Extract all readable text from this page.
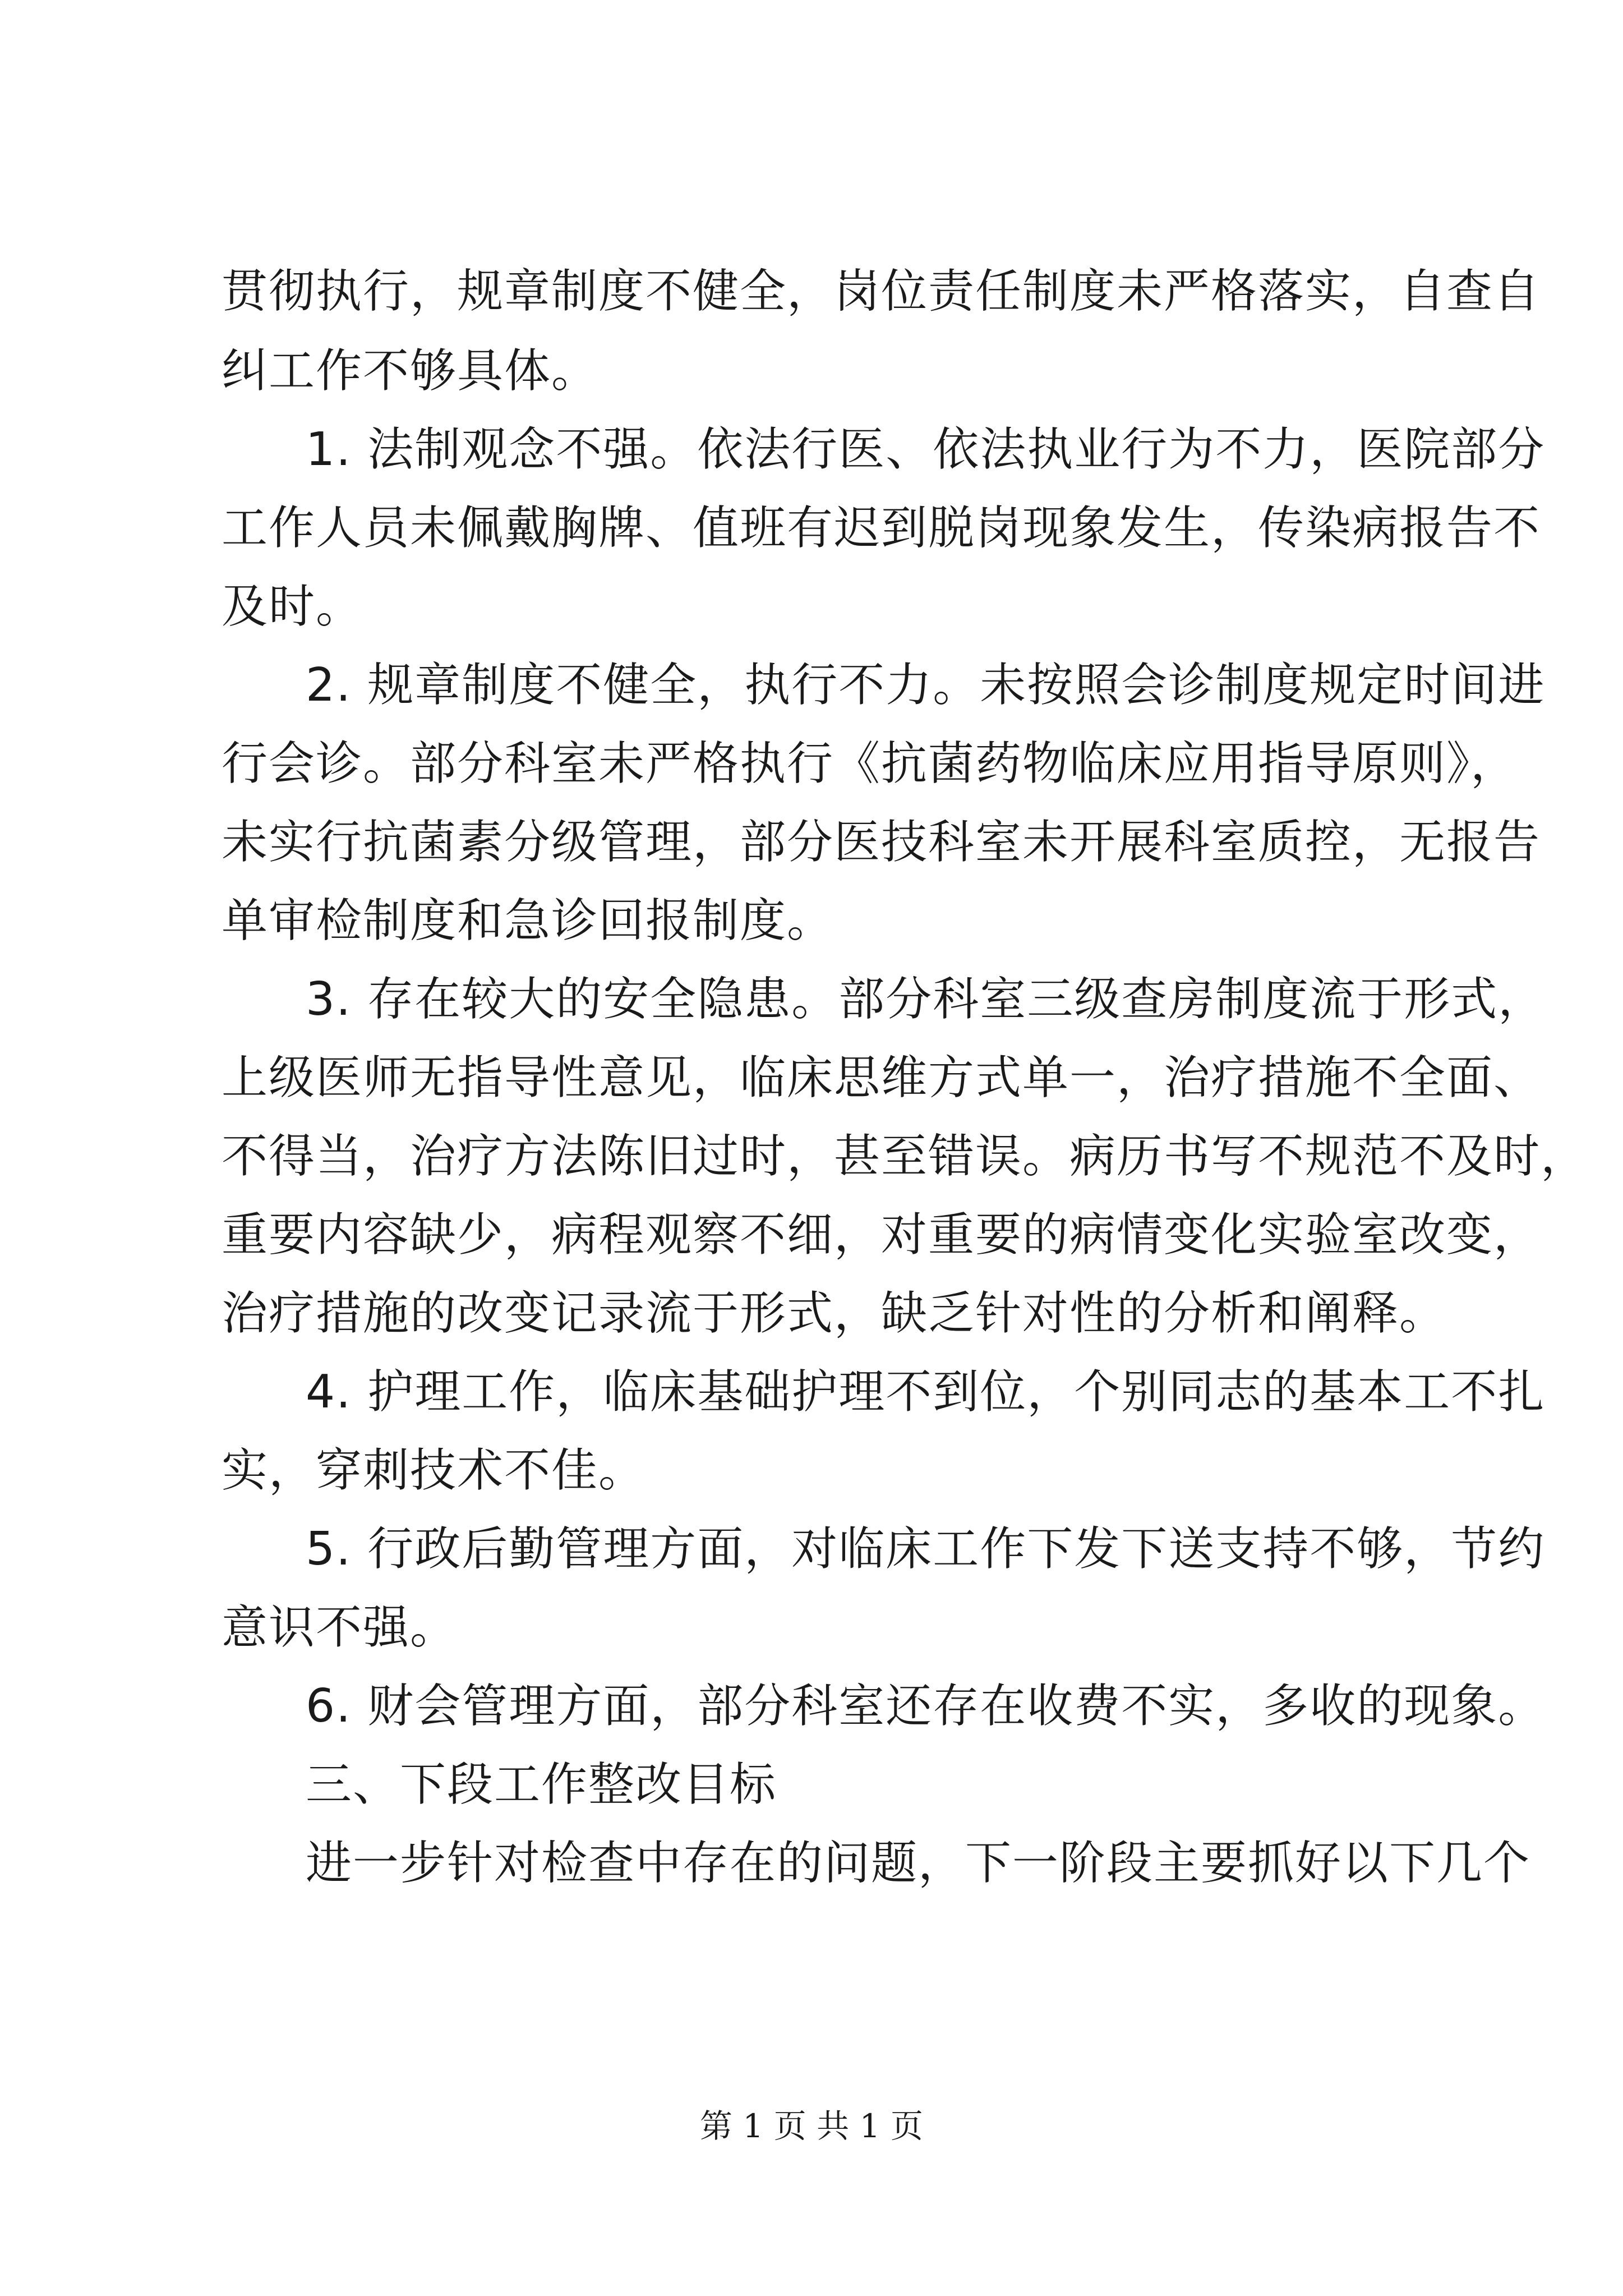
贯彻执行，规章制度不健全，岗位责任制度未严格落实，自查自
纠工作不够具体。
1. 法制观念不强。依法行医、依法执业行为不力，医院部分
工作人员未佩戴胸牌、值班有迟到脱岗现象发生，传染病报告不
及时。
2. 规章制度不健全，执行不力。未按照会诊制度规定时间进
行会诊。部分科室未严格执行《抗菌药物临床应用指导原则》，
未实行抗菌素分级管理，部分医技科室未开展科室质控，无报告
单审检制度和急诊回报制度。
3. 存在较大的安全隐患。部分科室三级查房制度流于形式，
上级医师无指导性意见，临床思维方式单一，治疗措施不全面、
不得当，治疗方法陈旧过时，甚至错误。病历书写不规范不及时，
重要内容缺少，病程观察不细，对重要的病情变化实验室改变，
治疗措施的改变记录流于形式，缺乏针对性的分析和阐释。
4. 护理工作，临床基础护理不到位，个别同志的基本工不扎
实，穿刺技术不佳。
5. 行政后勤管理方面，对临床工作下发下送支持不够，节约
意识不强。
6. 财会管理方面，部分科室还存在收费不实，多收的现象。
三、下段工作整改目标
进一步针对检查中存在的问题，下一阶段主要抓好以下几个
第 1 页 共 1 页
